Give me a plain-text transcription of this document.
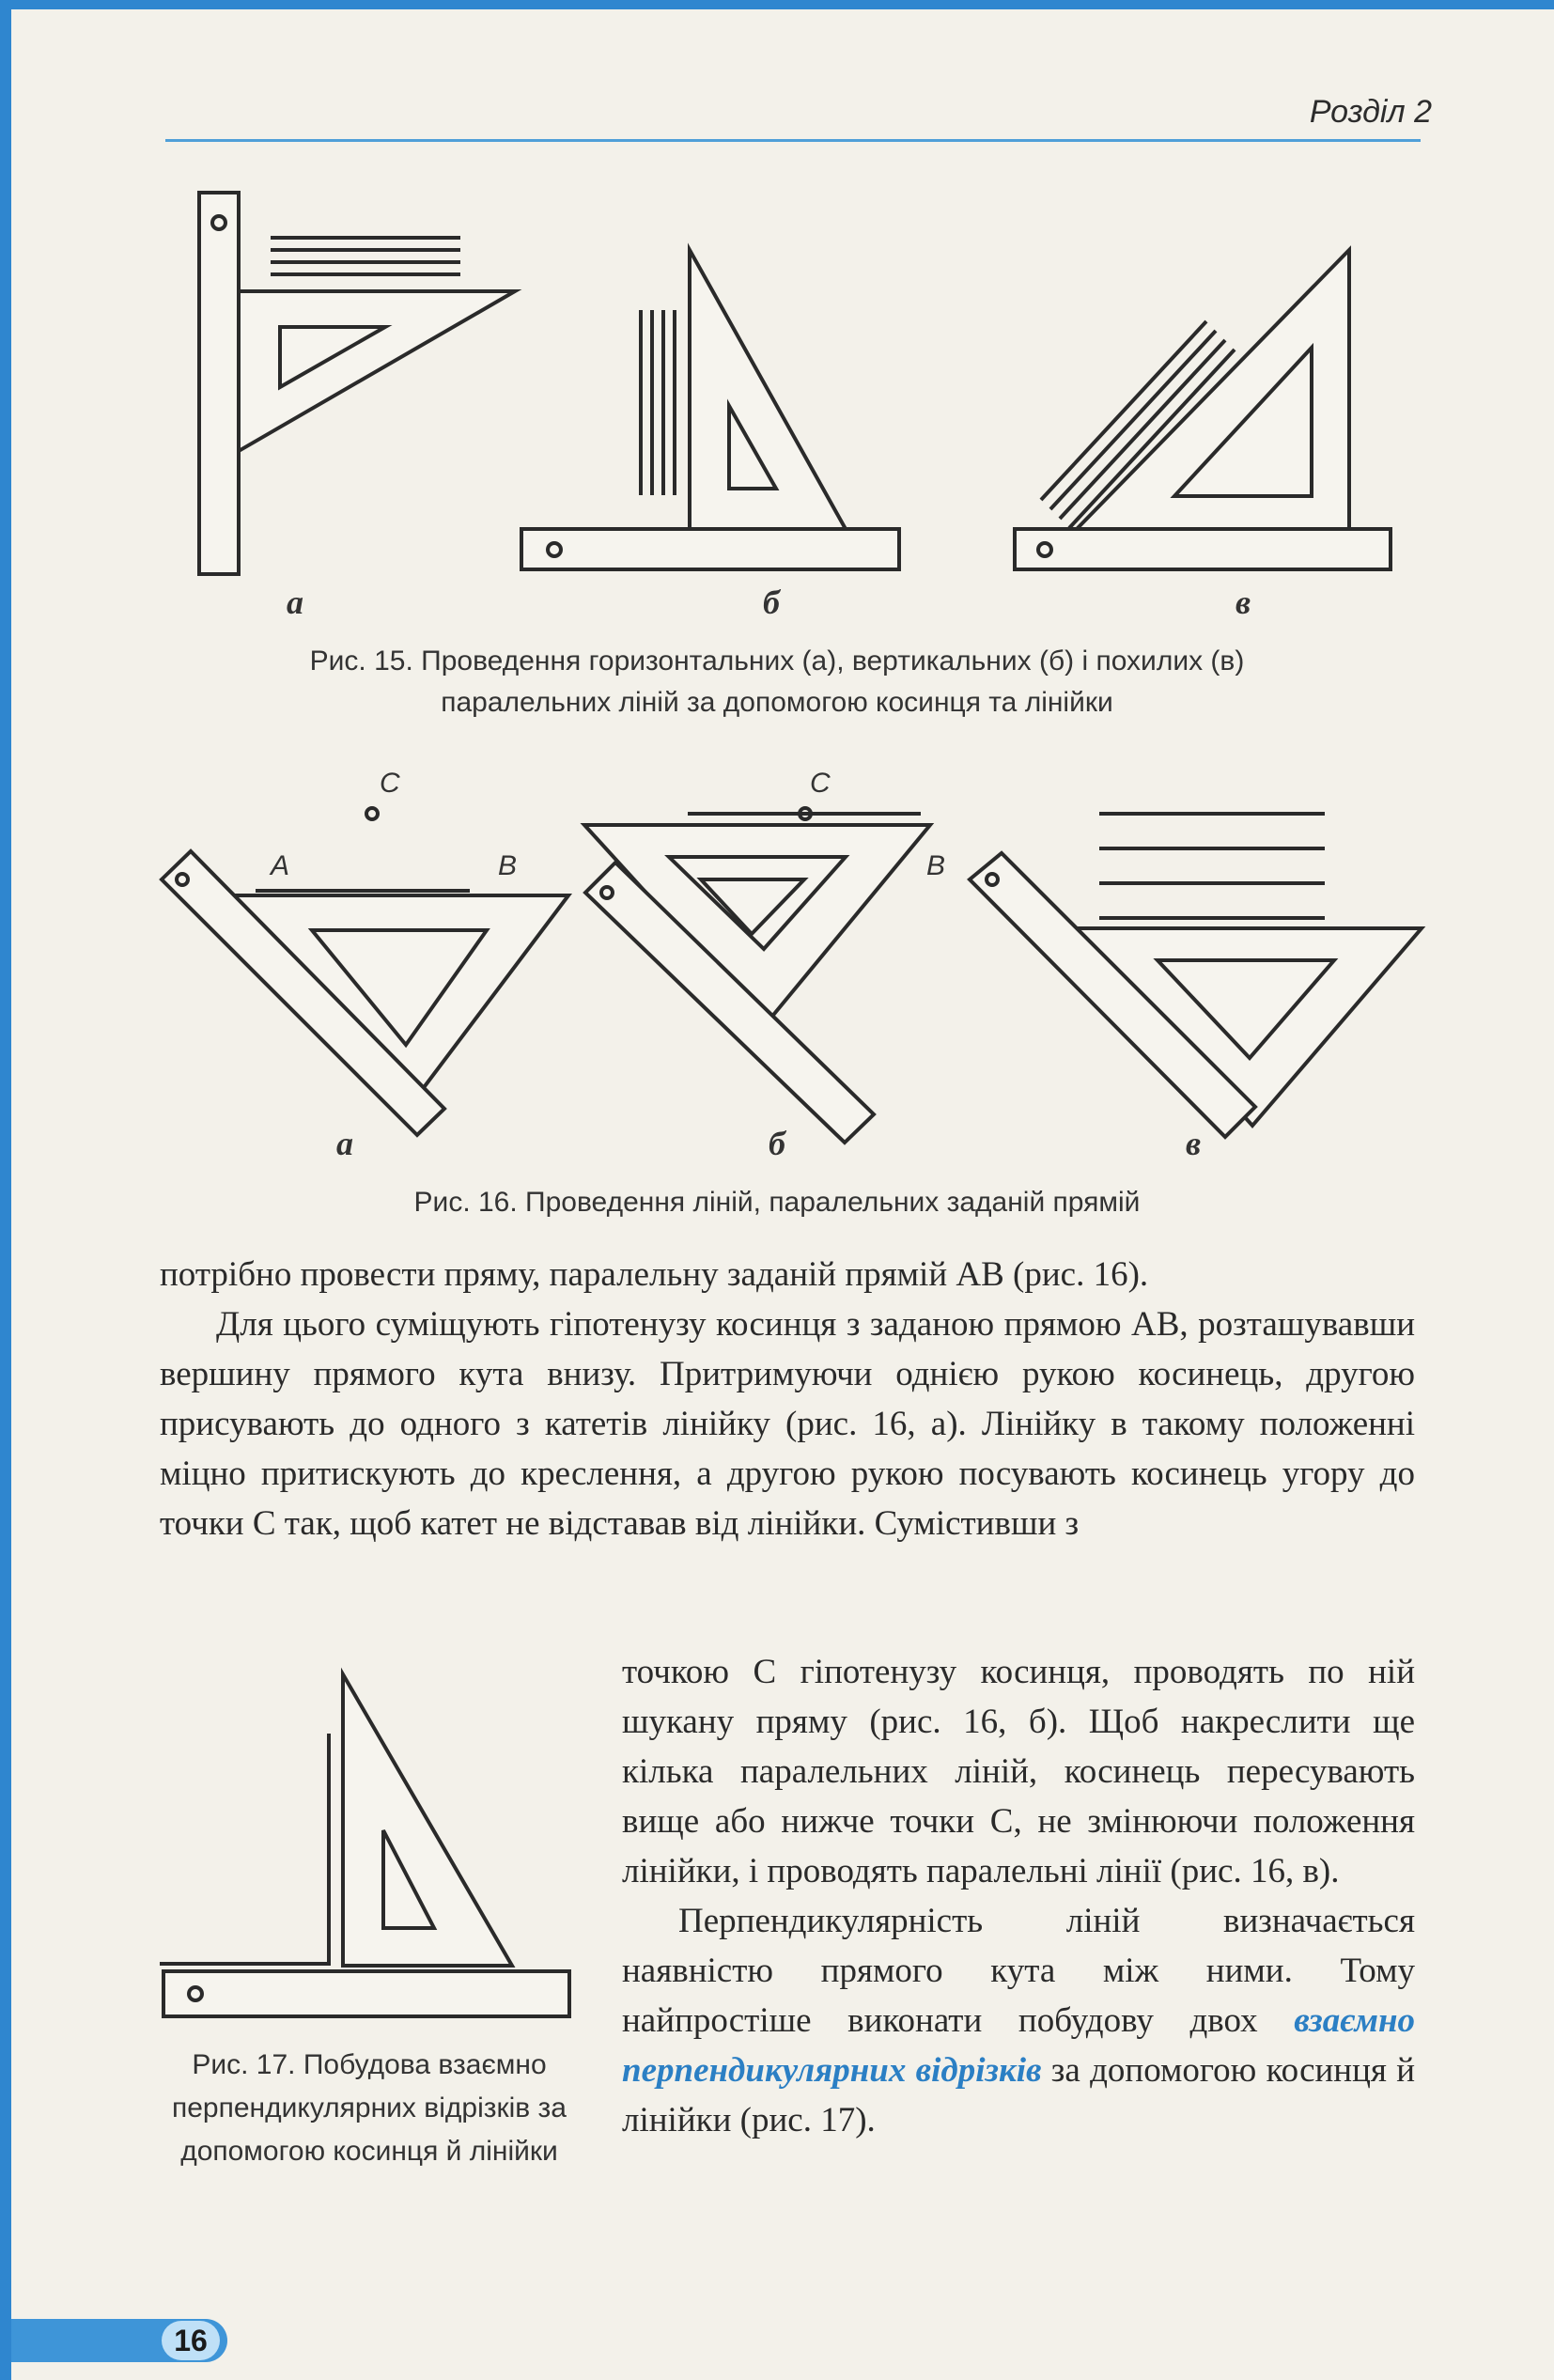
Розділ 2
а	б	в
Рис. 15. Проведення горизонтальних (а), вертикальних (б) і похилих (в)
паралельних ліній за допомогою косинця та лінійки
С
А	В
С
В
а	б	в
Рис. 16. Проведення ліній, паралельних заданій прямій

потрібно провести пряму, паралельну заданій прямій AB (рис. 16).

Для цього суміщують гіпотенузу косинця з заданою прямою AB, розташувавши вершину прямого кута внизу. Притримуючи однією рукою косинець, другою присувають до одного з катетів лінійку (рис. 16, а). Лінійку в такому положенні міцно притискують до креслення, а другою рукою посувають косинець угору до точки С так, щоб катет не відставав від лінійки. Сумістивши з

Рис. 17. Побудова взаємно перпендикулярних відрізків за допомогою косинця й лінійки

точкою С гіпотенузу косинця, проводять по ній шукану пряму (рис. 16, б). Щоб накреслити ще кілька паралельних ліній, косинець пересувають вище або нижче точки С, не змінюючи положення лінійки, і проводять паралельні лінії (рис. 16, в).

Перпендикулярність ліній визначається наявністю прямого кута між ними. Тому найпростіше виконати побудову двох взаємно перпендикулярних відрізків за допомогою косинця й лінійки (рис. 17).

16
